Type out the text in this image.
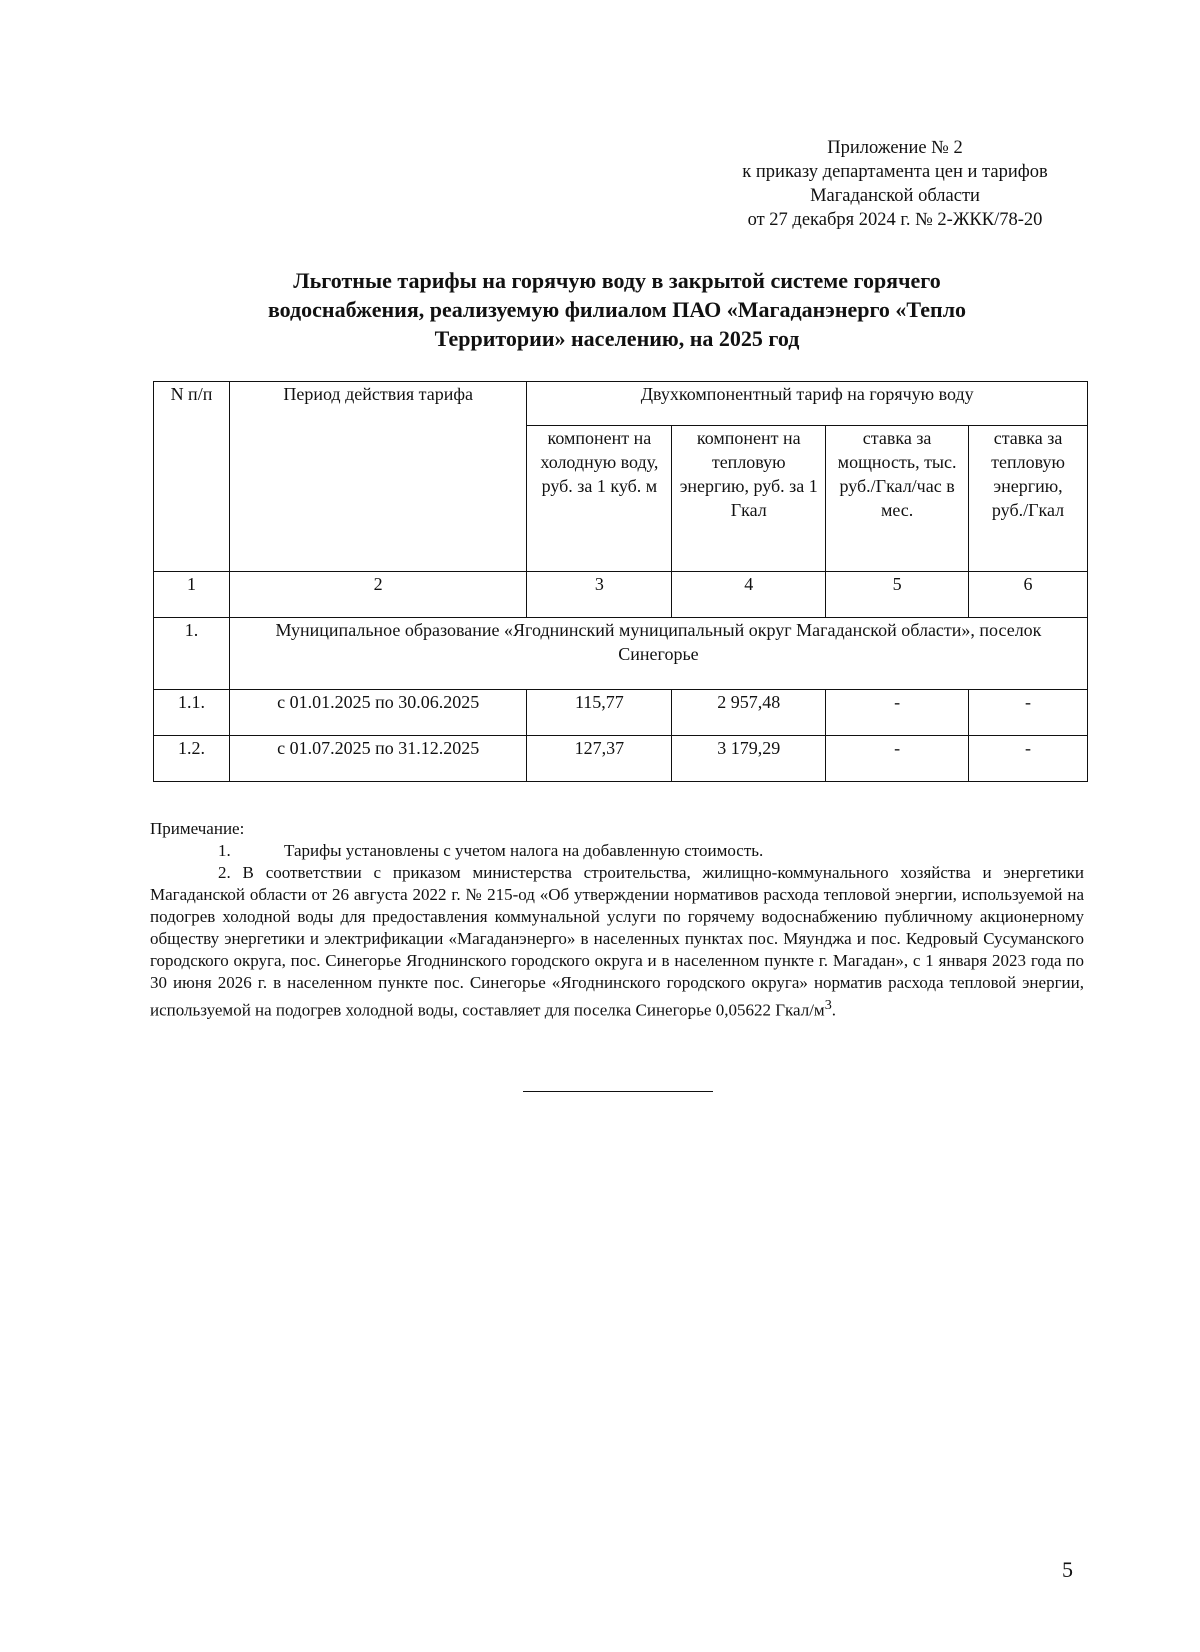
Приложение № 2
к приказу департамента цен и тарифов
Магаданской области
от 27 декабря 2024 г. № 2-ЖКК/78-20
Льготные тарифы на горячую воду в закрытой системе горячего
водоснабжения, реализуемую филиалом ПАО «Магаданэнерго «Тепло
Территории» населению, на 2025 год
N п/п	Период действия тарифа	Двухкомпонентный тариф на горячую воду			
		компонент на холодную воду, руб. за 1 куб. м	компонент на тепловую энергию, руб. за 1 Гкал	ставка за мощность, тыс. руб./Гкал/час в мес.	ставка за тепловую энергию, руб./Гкал
1	2	3	4	5	6
1.	Муниципальное образование «Ягоднинский муниципальный округ Магаданской области», поселок Синегорье				
1.1.	с 01.01.2025 по 30.06.2025	115,77	2 957,48	-	-
1.2.	с 01.07.2025 по 31.12.2025	127,37	3 179,29	-	-

Примечание:

1.	Тарифы установлены с учетом налога на добавленную стоимость.

2. В соответствии с приказом министерства строительства, жилищно-коммунального хозяйства и энергетики Магаданской области от 26 августа 2022 г. № 215-од «Об утверждении нормативов расхода тепловой энергии, используемой на подогрев холодной воды для предоставления коммунальной услуги по горячему водоснабжению публичному акционерному обществу энергетики и электрификации «Магаданэнерго» в населенных пунктах пос. Мяунджа и пос. Кедровый Сусуманского городского округа, пос. Синегорье Ягоднинского городского округа и в населенном пункте г. Магадан», с 1 января 2023 года по 30 июня 2026 г. в населенном пункте пос. Синегорье «Ягоднинского городского округа» норматив расхода тепловой энергии, используемой на подогрев холодной воды, составляет для поселка Синегорье 0,05622 Гкал/$м^3$.

5
